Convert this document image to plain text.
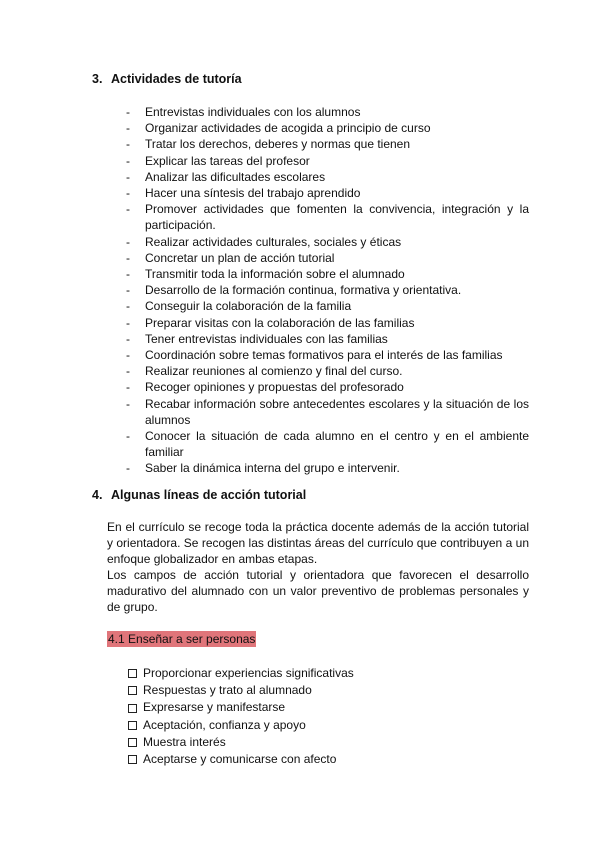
3. Actividades de tutoría
- Entrevistas individuales con los alumnos
- Organizar actividades de acogida a principio de curso
- Tratar los derechos, deberes y normas que tienen
- Explicar las tareas del profesor
- Analizar las dificultades escolares
- Hacer una síntesis del trabajo aprendido
- Promover actividades que fomenten la convivencia, integración y la participación.
- Realizar actividades culturales, sociales y éticas
- Concretar un plan de acción tutorial
- Transmitir toda la información sobre el alumnado
- Desarrollo de la formación continua, formativa y orientativa.
- Conseguir la colaboración de la familia
- Preparar visitas con la colaboración de las familias
- Tener entrevistas individuales con las familias
- Coordinación sobre temas formativos para el interés de las familias
- Realizar reuniones al comienzo y final del curso.
- Recoger opiniones y propuestas del profesorado
- Recabar información sobre antecedentes escolares y la situación de los alumnos
- Conocer la situación de cada alumno en el centro y en el ambiente familiar
- Saber la dinámica interna del grupo e intervenir.
4. Algunas líneas de acción tutorial

En el currículo se recoge toda la práctica docente además de la acción tutorial y orientadora. Se recogen las distintas áreas del currículo que contribuyen a un enfoque globalizador en ambas etapas.

Los campos de acción tutorial y orientadora que favorecen el desarrollo madurativo del alumnado con un valor preventivo de problemas personales y de grupo.

4.1 Enseñar a ser personas

Proporcionar experiencias significativas
Respuestas y trato al alumnado
Expresarse y manifestarse
Aceptación, confianza y apoyo
Muestra interés
Aceptarse y comunicarse con afecto
